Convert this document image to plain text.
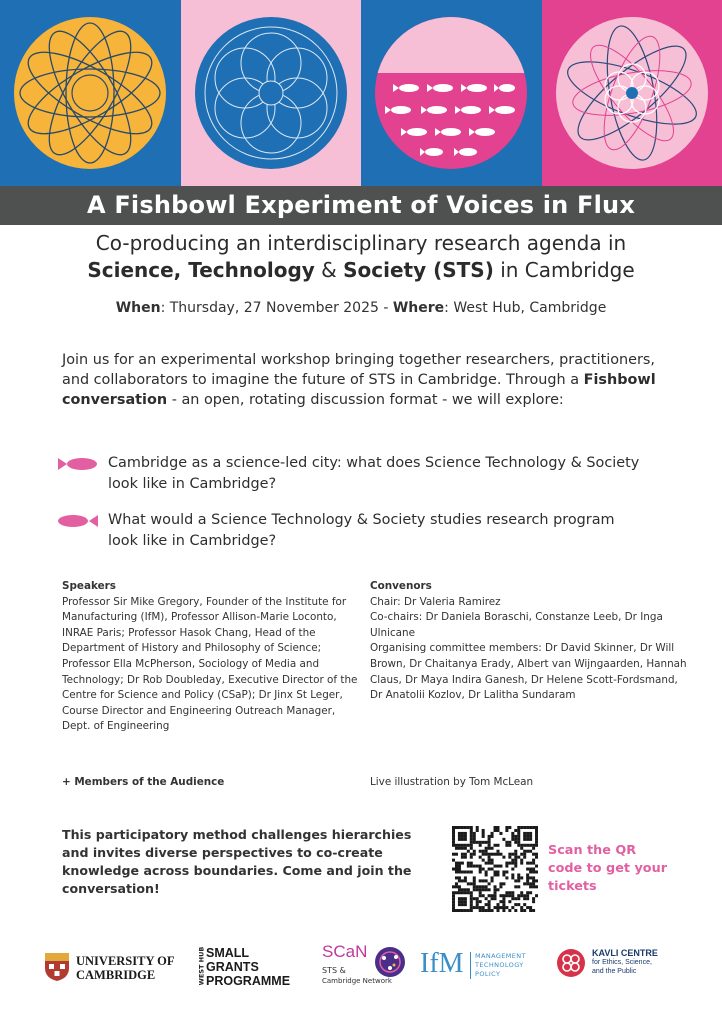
A Fishbowl Experiment of Voices in Flux
Co-producing an interdisciplinary research agenda in
Science, Technology & Society (STS) in Cambridge
When: Thursday, 27 November 2025 - Where: West Hub, Cambridge
Join us for an experimental workshop bringing together researchers, practitioners, and collaborators to imagine the future of STS in Cambridge. Through a Fishbowl conversation - an open, rotating discussion format - we will explore:
Cambridge as a science-led city: what does Science Technology & Society look like in Cambridge?
What would a Science Technology & Society studies research program look like in Cambridge?
Speakers
Professor Sir Mike Gregory, Founder of the Institute for Manufacturing (IfM), Professor Allison-Marie Loconto, INRAE Paris; Professor Hasok Chang, Head of the Department of History and Philosophy of Science; Professor Ella McPherson, Sociology of Media and Technology; Dr Rob Doubleday, Executive Director of the Centre for Science and Policy (CSaP); Dr Jinx St Leger, Course Director and Engineering Outreach Manager, Dept. of Engineering
+ Members of the Audience
Convenors
Chair: Dr Valeria Ramirez
Co-chairs: Dr Daniela Boraschi, Constanze Leeb, Dr Inga Ulnicane
Organising committee members: Dr David Skinner, Dr Will Brown, Dr Chaitanya Erady, Albert van Wijngaarden, Hannah Claus, Dr Maya Indira Ganesh, Dr Helene Scott-Fordsmand, Dr Anatolii Kozlov, Dr Lalitha Sundaram
Live illustration by Tom McLean
This participatory method challenges hierarchies and invites diverse perspectives to co-create knowledge across boundaries. Come and join the conversation!
Scan the QR code to get your tickets
UNIVERSITY OF
CAMBRIDGE	WEST HUB SMALL
GRANTS
PROGRAMME
SCaN
STS &
Cambridge Network
IfM MANAGEMENT
TECHNOLOGY
POLICY
KAVLI CENTRE
for Ethics, Science,
and the Public
